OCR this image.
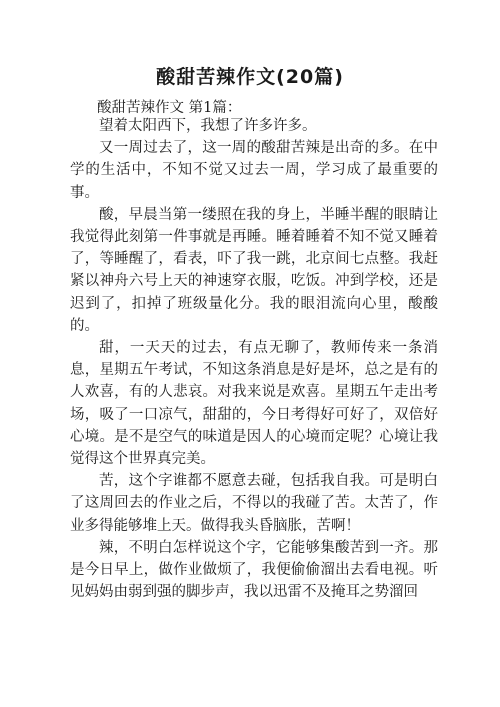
酸甜苦辣作文(20篇)
酸甜苦辣作文 第1篇：

望着太阳西下，我想了许多许多。

又一周过去了，这一周的酸甜苦辣是出奇的多。在中学的生活中，不知不觉又过去一周，学习成了最重要的事。

酸，早晨当第一缕照在我的身上，半睡半醒的眼睛让我觉得此刻第一件事就是再睡。睡着睡着不知不觉又睡着了，等睡醒了，看表，吓了我一跳，北京间七点整。我赶紧以神舟六号上天的神速穿衣服，吃饭。冲到学校，还是迟到了，扣掉了班级量化分。我的眼泪流向心里，酸酸的。

甜，一天天的过去，有点无聊了，教师传来一条消息，星期五午考试，不知这条消息是好是坏，总之是有的人欢喜，有的人悲哀。对我来说是欢喜。星期五午走出考场，吸了一口凉气，甜甜的，今日考得好可好了，双倍好心境。是不是空气的味道是因人的心境而定呢？心境让我觉得这个世界真完美。

苦，这个字谁都不愿意去碰，包括我自我。可是明白了这周回去的作业之后，不得以的我碰了苦。太苦了，作业多得能够堆上天。做得我头昏脑胀，苦啊！

辣，不明白怎样说这个字，它能够集酸苦到一齐。那是今日早上，做作业做烦了，我便偷偷溜出去看电视。听见妈妈由弱到强的脚步声，我以迅雷不及掩耳之势溜回
